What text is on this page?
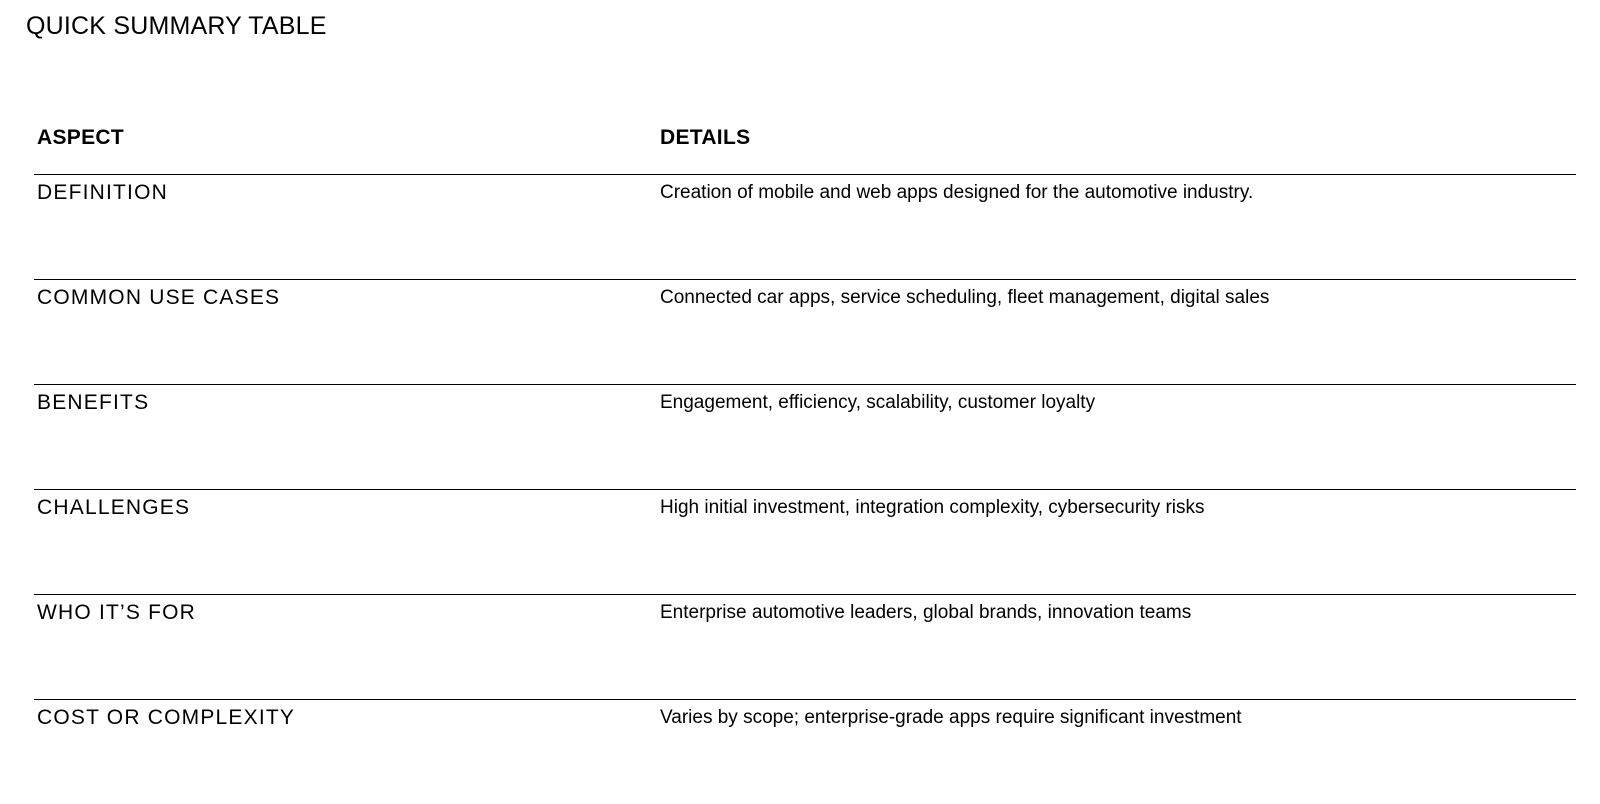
QUICK SUMMARY TABLE
ASPECT	DETAILS
DEFINITION	Creation of mobile and web apps designed for the automotive industry.
COMMON USE CASES	Connected car apps, service scheduling, fleet management, digital sales
BENEFITS	Engagement, efficiency, scalability, customer loyalty
CHALLENGES	High initial investment, integration complexity, cybersecurity risks
WHO IT’S FOR	Enterprise automotive leaders, global brands, innovation teams
COST OR COMPLEXITY	Varies by scope; enterprise-grade apps require significant investment
